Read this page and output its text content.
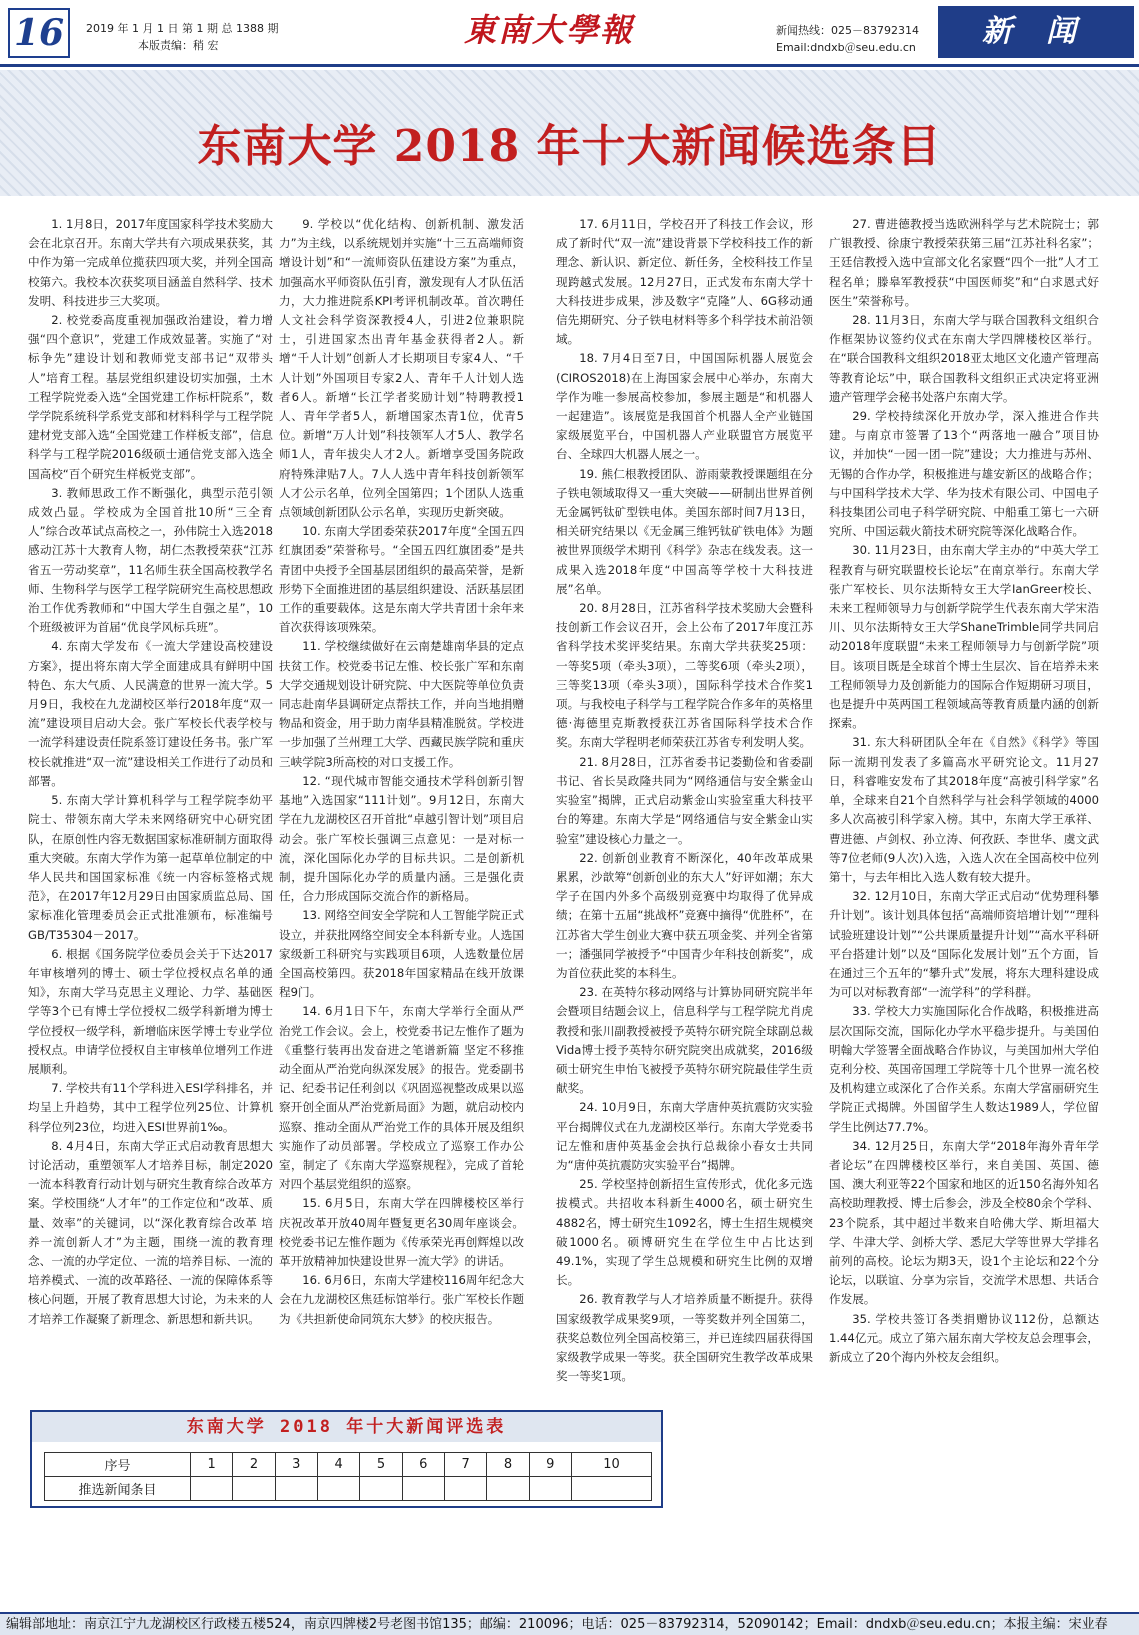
16	2019 年 1 月 1 日 第 1 期 总 1388 期
本版责编：稍 宏	東南大學報	新闻热线：025－83792314
Email:dndxb＠seu.edu.cn	新闻
东南大学 2018 年十大新闻候选条目

1. 1月8日，2017年度国家科学技术奖励大会在北京召开。东南大学共有六项成果获奖，其中作为第一完成单位揽获四项大奖，并列全国高校第六。我校本次获奖项目涵盖自然科学、技术发明、科技进步三大奖项。

2. 校党委高度重视加强政治建设，着力增强“四个意识”，党建工作成效显著。实施了“对标争先”建设计划和教师党支部书记“双带头人”培育工程。基层党组织建设切实加强，土木工程学院党委入选“全国党建工作标杆院系”，数学学院系统科学系党支部和材料科学与工程学院建材党支部入选“全国党建工作样板支部”，信息科学与工程学院2016级硕士通信党支部入选全国高校“百个研究生样板党支部”。

3. 教师思政工作不断强化，典型示范引领成效凸显。学校成为全国首批10所“三全育人”综合改革试点高校之一，孙伟院士入选2018感动江苏十大教育人物，胡仁杰教授荣获“江苏省五一劳动奖章”，11名师生获全国高校教学名师、生物科学与医学工程学院研究生高校思想政治工作优秀教师和“中国大学生自强之星”，10个班级被评为首届“优良学风标兵班”。

4. 东南大学发布《一流大学建设高校建设方案》，提出将东南大学全面建成具有鲜明中国特色、东大气质、人民满意的世界一流大学。5月9日，我校在九龙湖校区举行2018年度“双一流”建设项目启动大会。张广军校长代表学校与一流学科建设责任院系签订建设任务书。张广军校长就推进“双一流”建设相关工作进行了动员和部署。

5. 东南大学计算机科学与工程学院李幼平院士、带领东南大学未来网络研究中心研究团队，在原创性内容无数据国家标准研制方面取得重大突破。东南大学作为第一起草单位制定的中华人民共和国国家标准《统一内容标签格式规范》，在2017年12月29日由国家质监总局、国家标准化管理委员会正式批准颁布，标准编号GB/T35304－2017。

6. 根据《国务院学位委员会关于下达2017年审核增列的博士、硕士学位授权点名单的通知》，东南大学马克思主义理论、力学、基础医学等3个已有博士学位授权二级学科新增为博士学位授权一级学科，新增临床医学博士专业学位授权点。申请学位授权自主审核单位增列工作进展顺利。

7. 学校共有11个学科进入ESI学科排名，并均呈上升趋势，其中工程学位列25位、计算机科学位列23位，均进入ESI世界前1‰。

8. 4月4日，东南大学正式启动教育思想大讨论活动，重塑领军人才培养目标，制定2020一流本科教育行动计划与研究生教育综合改革方案。学校围绕“人才年”的工作定位和“改革、质量、效率”的关键词，以“深化教育综合改革 培养一流创新人才”为主题，围绕一流的教育理念、一流的办学定位、一流的培养目标、一流的培养模式、一流的改革路径、一流的保障体系等核心问题，开展了教育思想大讨论，为未来的人才培养工作凝聚了新理念、新思想和新共识。

9. 学校以“优化结构、创新机制、激发活力”为主线，以系统规划并实施“十三五高端师资增设计划”和“一流师资队伍建设方案”为重点，加强高水平师资队伍引育，激发现有人才队伍活力，大力推进院系KPI考评机制改革。首次聘任人文社会科学资深教授4人，引进2位兼职院士，引进国家杰出青年基金获得者2人。新增“千人计划”创新人才长期项目专家4人、“千人计划”外国项目专家2人、青年千人计划人选者6人。新增“长江学者奖励计划”特聘教授1人、青年学者5人，新增国家杰青1位，优青5位。新增“万人计划”科技领军人才5人、教学名师1人，青年拔尖人才2人。新增享受国务院政府特殊津贴7人。7人人选中青年科技创新领军人才公示名单，位列全国第四；1个团队人选重点领域创新团队公示名单，实现历史新突破。

10. 东南大学团委荣获2017年度“全国五四红旗团委”荣誉称号。“全国五四红旗团委”是共青团中央授予全国基层团组织的最高荣誉，是新形势下全面推进团的基层组织建设、活跃基层团工作的重要载体。这是东南大学共青团十余年来首次获得该项殊荣。

11. 学校继续做好在云南楚雄南华县的定点扶贫工作。校党委书记左惟、校长张广军和东南大学交通规划设计研究院、中大医院等单位负责同志赴南华县调研定点帮扶工作，并向当地捐赠物品和资金，用于助力南华县精准脱贫。学校进一步加强了兰州理工大学、西藏民族学院和重庆三峡学院3所高校的对口支援工作。

12. “现代城市智能交通技术学科创新引智基地”入选国家“111计划”。9月12日，东南大学在九龙湖校区召开首批“卓越引智计划”项目启动会。张广军校长强调三点意见：一是对标一流，深化国际化办学的目标共识。二是创新机制，提升国际化办学的质量内涵。三是强化责任，合力形成国际交流合作的新格局。

13. 网络空间安全学院和人工智能学院正式设立，并获批网络空间安全本科新专业。人选国家级新工科研究与实践项目6项，人选数量位居全国高校第四。获2018年国家精品在线开放课程9门。

14. 6月1日下午，东南大学举行全面从严治党工作会议。会上，校党委书记左惟作了题为《重整行装再出发奋进之笔谱新篇 坚定不移推动全面从严治党向纵深发展》的报告。党委副书记、纪委书记任利剑以《巩固巡视整改成果以巡察开创全面从严治党新局面》为题，就启动校内巡察、推动全面从严治党工作的具体开展及组织实施作了动员部署。学校成立了巡察工作办公室，制定了《东南大学巡察规程》，完成了首轮对四个基层党组织的巡察。

15. 6月5日，东南大学在四牌楼校区举行庆祝改革开放40周年暨复更名30周年座谈会。校党委书记左惟作题为《传承荣光再创辉煌以改革开放精神加快建设世界一流大学》的讲话。

16. 6月6日，东南大学建校116周年纪念大会在九龙湖校区焦廷标馆举行。张广军校长作题为《共担新使命同筑东大梦》的校庆报告。

17. 6月11日，学校召开了科技工作会议，形成了新时代“双一流”建设背景下学校科技工作的新理念、新认识、新定位、新任务，全校科技工作呈现跨越式发展。12月27日，正式发布东南大学十大科技进步成果，涉及数字“克隆”人、6G移动通信先期研究、分子铁电材料等多个科学技术前沿领域。

18. 7月4日至7日，中国国际机器人展览会(CIROS2018)在上海国家会展中心举办，东南大学作为唯一参展高校参加，参展主题是“和机器人一起建造”。该展览是我国首个机器人全产业链国家级展览平台，中国机器人产业联盟官方展览平台、全球四大机器人展之一。

19. 熊仁根教授团队、游雨蒙教授课题组在分子铁电领域取得又一重大突破——研制出世界首例无金属钙钛矿型铁电体。美国东部时间7月13日，相关研究结果以《无金属三维钙钛矿铁电体》为题被世界顶级学术期刊《科学》杂志在线发表。这一成果入选2018年度“中国高等学校十大科技进展”名单。

20. 8月28日，江苏省科学技术奖励大会暨科技创新工作会议召开，会上公布了2017年度江苏省科学技术奖评奖结果。东南大学共获奖25项：一等奖5项（牵头3项），二等奖6项（牵头2项），三等奖13项（牵头3项），国际科学技术合作奖1项。与我校电子科学与工程学院合作多年的英格里德·海德里克斯教授获江苏省国际科学技术合作奖。东南大学程明老师荣获江苏省专利发明人奖。

21. 8月28日，江苏省委书记娄勤俭和省委副书记、省长吴政隆共同为“网络通信与安全紫金山实验室”揭牌，正式启动紫金山实验室重大科技平台的筹建。东南大学是“网络通信与安全紫金山实验室”建设核心力量之一。

22. 创新创业教育不断深化，40年改革成果累累，沙歆筹“创新创业的东大人”好评如潮；东大学子在国内外多个高级别竞赛中均取得了优异成绩；在第十五届“挑战杯”竞赛中摘得“优胜杯”，在江苏省大学生创业大赛中获五项金奖、并列全省第一；潘强同学被授予“中国青少年科技创新奖”，成为首位获此奖的本科生。

23. 在英特尔移动网络与计算协同研究院半年会暨项目结题会议上，信息科学与工程学院尤肖虎教授和张川副教授被授予英特尔研究院全球副总裁Vida博士授予英特尔研究院突出成就奖，2016级硕士研究生申怡飞被授予英特尔研究院最佳学生贡献奖。

24. 10月9日，东南大学唐仲英抗震防灾实验平台揭牌仪式在九龙湖校区举行。东南大学党委书记左惟和唐仲英基金会执行总裁徐小春女士共同为“唐仲英抗震防灾实验平台”揭牌。

25. 学校坚持创新招生宣传形式，优化多元选拔模式。共招收本科新生4000名，硕士研究生4882名，博士研究生1092名，博士生招生规模突破1000名。硕博研究生在学位生中占比达到49.1%，实现了学生总规模和研究生比例的双增长。

26. 教育教学与人才培养质量不断提升。获得国家级教学成果奖9项，一等奖数并列全国第二，获奖总数位列全国高校第三，并已连续四届获得国家级教学成果一等奖。获全国研究生教学改革成果奖一等奖1项。

27. 曹进德教授当选欧洲科学与艺术院院士；郭广银教授、徐康宁教授荣获第三届“江苏社科名家”；王廷信教授入选中宣部文化名家暨“四个一批”人才工程名单；滕皋军教授获“中国医师奖”和“白求恩式好医生”荣誉称号。

28. 11月3日，东南大学与联合国教科文组织合作框架协议签约仪式在东南大学四牌楼校区举行。在“联合国教科文组织2018亚太地区文化遗产管理高等教育论坛”中，联合国教科文组织正式决定将亚洲遗产管理学会秘书处落户东南大学。

29. 学校持续深化开放办学，深入推进合作共建。与南京市签署了13个“两落地一融合”项目协议，并加快“一园一团一院”建设；大力推进与苏州、无锡的合作办学，积极推进与雄安新区的战略合作；与中国科学技术大学、华为技术有限公司、中国电子科技集团公司电子科学研究院、中船重工第七一六研究所、中国运载火箭技术研究院等深化战略合作。

30. 11月23日，由东南大学主办的“中英大学工程教育与研究联盟校长论坛”在南京举行。东南大学张广军校长、贝尔法斯特女王大学IanGreer校长、未来工程师领导力与创新学院学生代表东南大学宋浩川、贝尔法斯特女王大学ShaneTrimble同学共同启动2018年度联盟“未来工程师领导力与创新学院”项目。该项目既是全球首个博士生层次、旨在培养未来工程师领导力及创新能力的国际合作短期研习项目，也是提升中英两国工程领域高等教育质量内涵的创新探索。

31. 东大科研团队全年在《自然》《科学》等国际一流期刊发表了多篇高水平研究论文。11月27日，科睿唯安发布了其2018年度“高被引科学家”名单，全球来自21个自然科学与社会科学领域的4000多人次高被引科学家入榜。其中，东南大学王承祥、曹进德、卢剑权、孙立涛、何孜跃、李世华、虞文武等7位老师(9人次)入选，入选人次在全国高校中位列第十，与去年相比入选人数有较大提升。

32. 12月10日，东南大学正式启动“优势理科攀升计划”。该计划具体包括“高端师资培增计划”“理科试验班建设计划”“公共课质量提升计划”“高水平科研平台搭建计划”以及“国际化发展计划”五个方面，旨在通过三个五年的“攀升式”发展，将东大理科建设成为可以对标教育部“一流学科”的学科群。

33. 学校大力实施国际化合作战略，积极推进高层次国际交流，国际化办学水平稳步提升。与美国伯明翰大学签署全面战略合作协议，与美国加州大学伯克利分校、英国帝国理工学院等十几个世界一流名校及机构建立或深化了合作关系。东南大学富丽研究生学院正式揭牌。外国留学生人数达1989人，学位留学生比例达77.7%。

34. 12月25日，东南大学“2018年海外青年学者论坛”在四牌楼校区举行，来自美国、英国、德国、澳大利亚等22个国家和地区的近150名海外知名高校助理教授、博士后参会，涉及全校80余个学科、23个院系，其中超过半数来自哈佛大学、斯坦福大学、牛津大学、剑桥大学、悉尼大学等世界大学排名前列的高校。论坛为期3天，设1个主论坛和22个分论坛，以联谊、分享为宗旨，交流学术思想、共话合作发展。

35. 学校共签订各类捐赠协议112份，总额达1.44亿元。成立了第六届东南大学校友总会理事会，新成立了20个海内外校友会组织。

东南大学 2018 年十大新闻评选表
序号	1	2	3	4	5	6	7	8	9	10
推选新闻条目										
编辑部地址：南京江宁九龙湖校区行政楼五楼524，南京四牌楼2号老图书馆135；邮编：210096；电话：025－83792314，52090142；Email：dndxb＠seu.edu.cn；本报主编：宋业春
